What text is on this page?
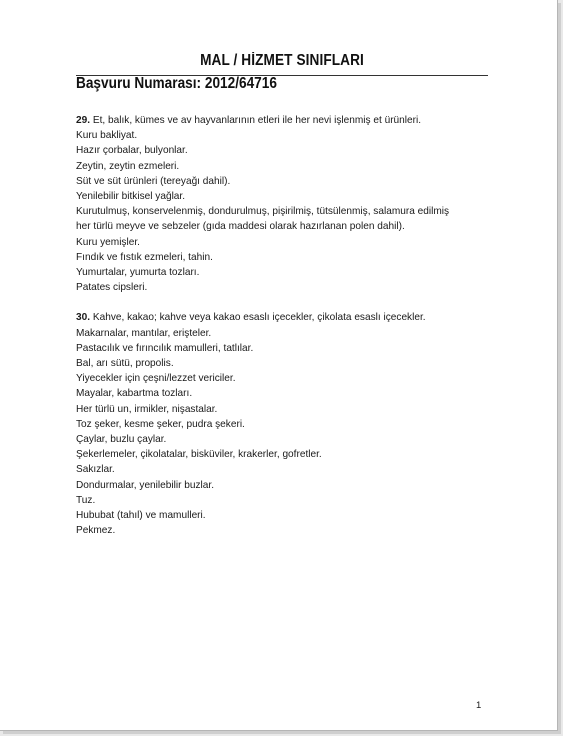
MAL / HİZMET SINIFLARI
Başvuru Numarası: 2012/64716
29. Et, balık, kümes ve av hayvanlarının etleri ile her nevi işlenmiş et ürünleri.
Kuru bakliyat.
Hazır çorbalar, bulyonlar.
Zeytin, zeytin ezmeleri.
Süt ve süt ürünleri (tereyağı dahil).
Yenilebilir bitkisel yağlar.
Kurutulmuş, konservelenmiş, dondurulmuş, pişirilmiş, tütsülenmiş, salamura edilmiş
her türlü meyve ve sebzeler (gıda maddesi olarak hazırlanan polen dahil).
Kuru yemişler.
Fındık ve fıstık ezmeleri, tahin.
Yumurtalar, yumurta tozları.
Patates cipsleri.
30. Kahve, kakao; kahve veya kakao esaslı içecekler, çikolata esaslı içecekler.
Makarnalar, mantılar, erişteler.
Pastacılık ve fırıncılık mamulleri, tatlılar.
Bal, arı sütü, propolis.
Yiyecekler için çeşni/lezzet vericiler.
Mayalar, kabartma tozları.
Her türlü un, irmikler, nişastalar.
Toz şeker, kesme şeker, pudra şekeri.
Çaylar, buzlu çaylar.
Şekerlemeler, çikolatalar, bisküviler, krakerler, gofretler.
Sakızlar.
Dondurmalar, yenilebilir buzlar.
Tuz.
Hububat (tahıl) ve mamulleri.
Pekmez.
1
